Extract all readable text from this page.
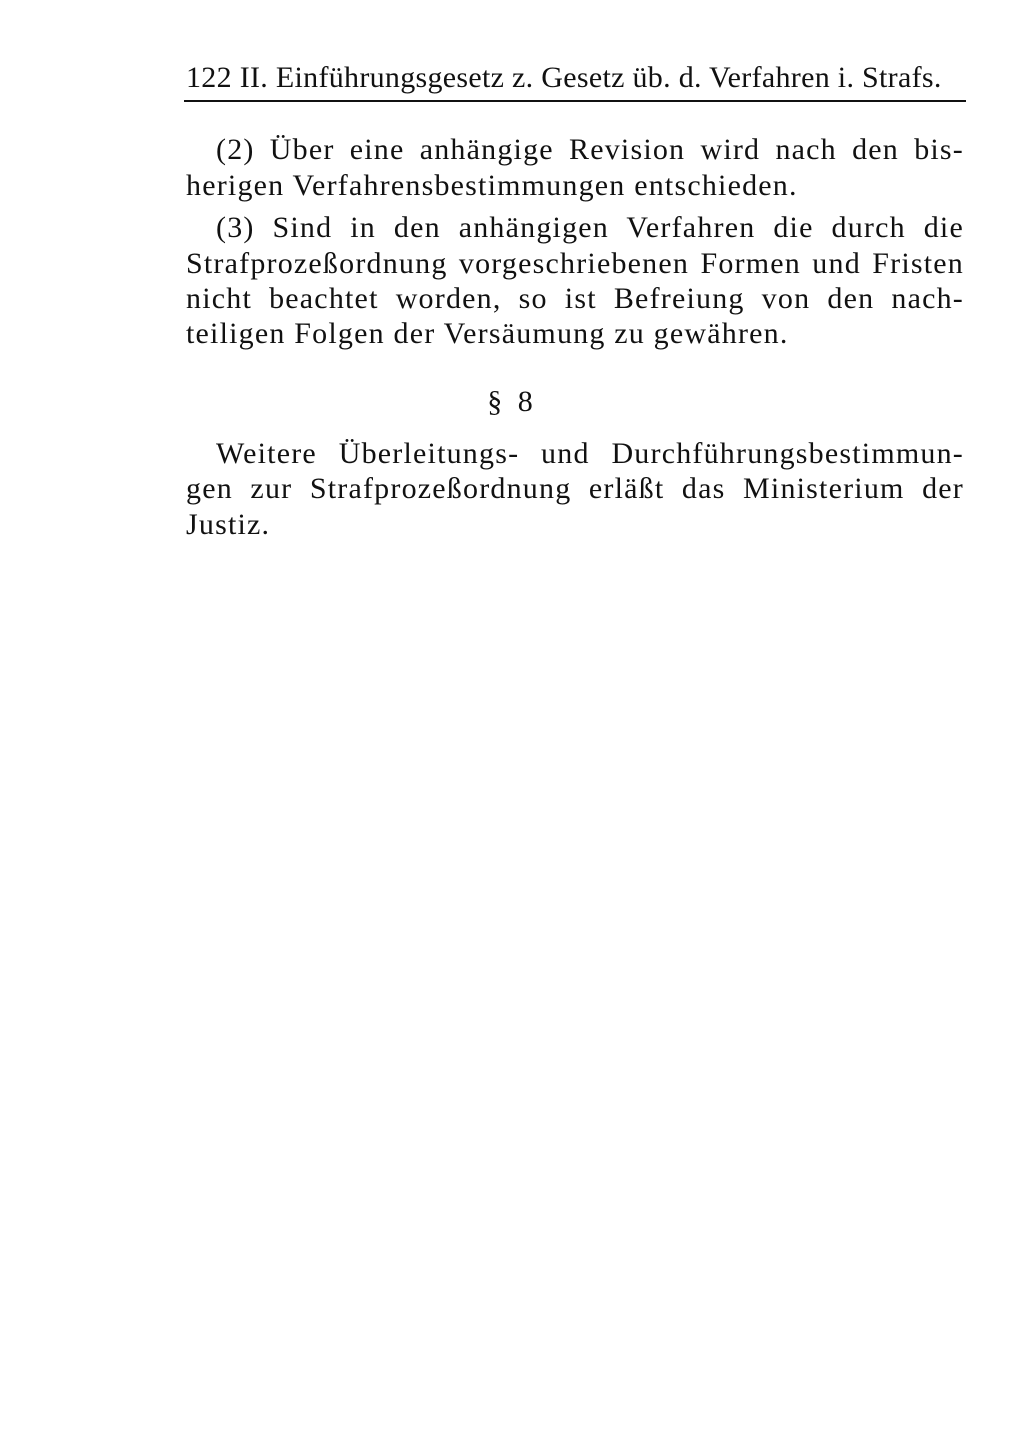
122 II. Einführungsgesetz z. Gesetz üb. d. Verfahren i. Strafs.
(2) Über eine anhängige Revision wird nach den bis-
herigen Verfahrensbestimmungen entschieden.
(3) Sind in den anhängigen Verfahren die durch die
Strafprozeßordnung vorgeschriebenen Formen und Fristen
nicht beachtet worden, so ist Befreiung von den nach-
teiligen Folgen der Versäumung zu gewähren.
§ 8
Weitere Überleitungs- und Durchführungsbestimmun-
gen zur Strafprozeßordnung erläßt das Ministerium der
Justiz.
